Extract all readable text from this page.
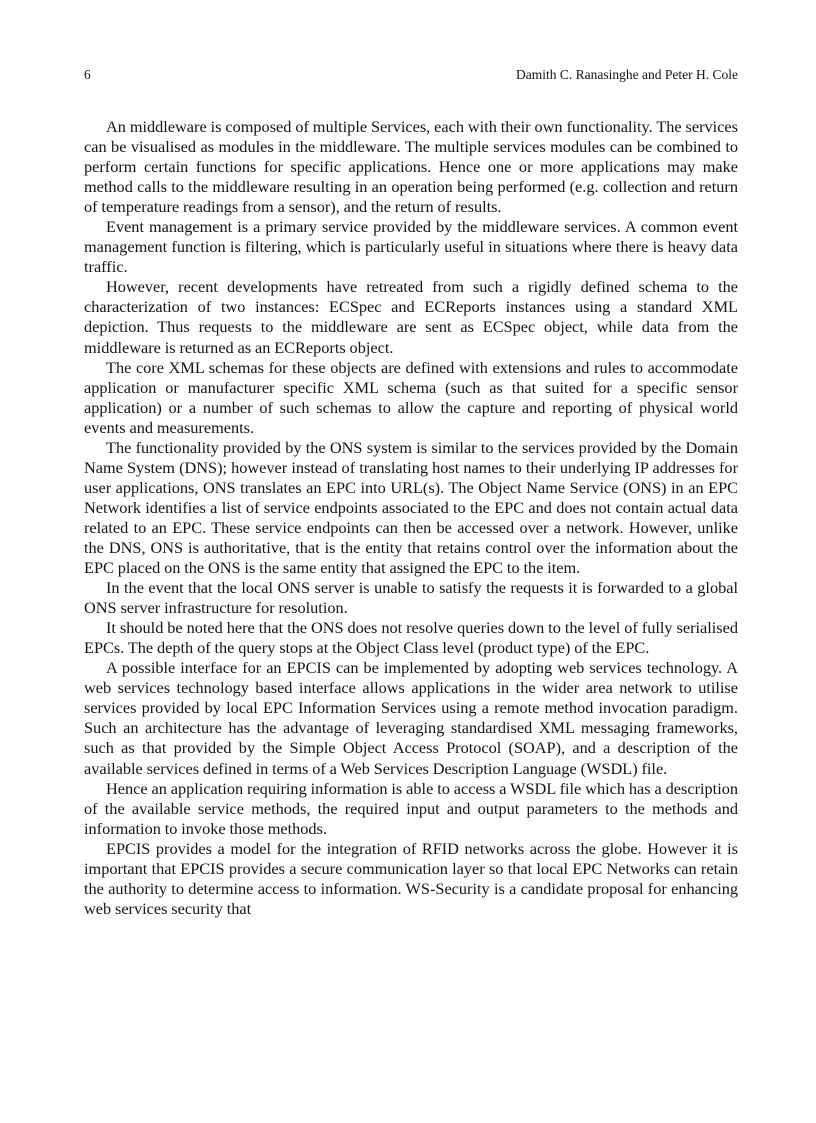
6	Damith C. Ranasinghe and Peter H. Cole

An middleware is composed of multiple Services, each with their own functionality. The services can be visualised as modules in the middleware. The multiple services modules can be combined to perform certain functions for specific applications. Hence one or more applications may make method calls to the middleware resulting in an operation being performed (e.g. collection and return of temperature readings from a sensor), and the return of results.

Event management is a primary service provided by the middleware services. A common event management function is filtering, which is particularly useful in situations where there is heavy data traffic.

However, recent developments have retreated from such a rigidly defined schema to the characterization of two instances: ECSpec and ECReports instances using a standard XML depiction. Thus requests to the middleware are sent as ECSpec object, while data from the middleware is returned as an ECReports object.

The core XML schemas for these objects are defined with extensions and rules to accommodate application or manufacturer specific XML schema (such as that suited for a specific sensor application) or a number of such schemas to allow the capture and reporting of physical world events and measurements.

The functionality provided by the ONS system is similar to the services provided by the Domain Name System (DNS); however instead of translating host names to their underlying IP addresses for user applications, ONS translates an EPC into URL(s). The Object Name Service (ONS) in an EPC Network identifies a list of service endpoints associated to the EPC and does not contain actual data related to an EPC. These service endpoints can then be accessed over a network. However, unlike the DNS, ONS is authoritative, that is the entity that retains control over the information about the EPC placed on the ONS is the same entity that assigned the EPC to the item.

In the event that the local ONS server is unable to satisfy the requests it is forwarded to a global ONS server infrastructure for resolution.

It should be noted here that the ONS does not resolve queries down to the level of fully serialised EPCs. The depth of the query stops at the Object Class level (product type) of the EPC.

A possible interface for an EPCIS can be implemented by adopting web services technology. A web services technology based interface allows applications in the wider area network to utilise services provided by local EPC Information Services using a remote method invocation paradigm. Such an architecture has the advantage of leveraging standardised XML messaging frameworks, such as that provided by the Simple Object Access Protocol (SOAP), and a description of the available services defined in terms of a Web Services Description Language (WSDL) file.

Hence an application requiring information is able to access a WSDL file which has a description of the available service methods, the required input and output parameters to the methods and information to invoke those methods.

EPCIS provides a model for the integration of RFID networks across the globe. However it is important that EPCIS provides a secure communication layer so that local EPC Networks can retain the authority to determine access to information. WS-Security is a candidate proposal for enhancing web services security that
